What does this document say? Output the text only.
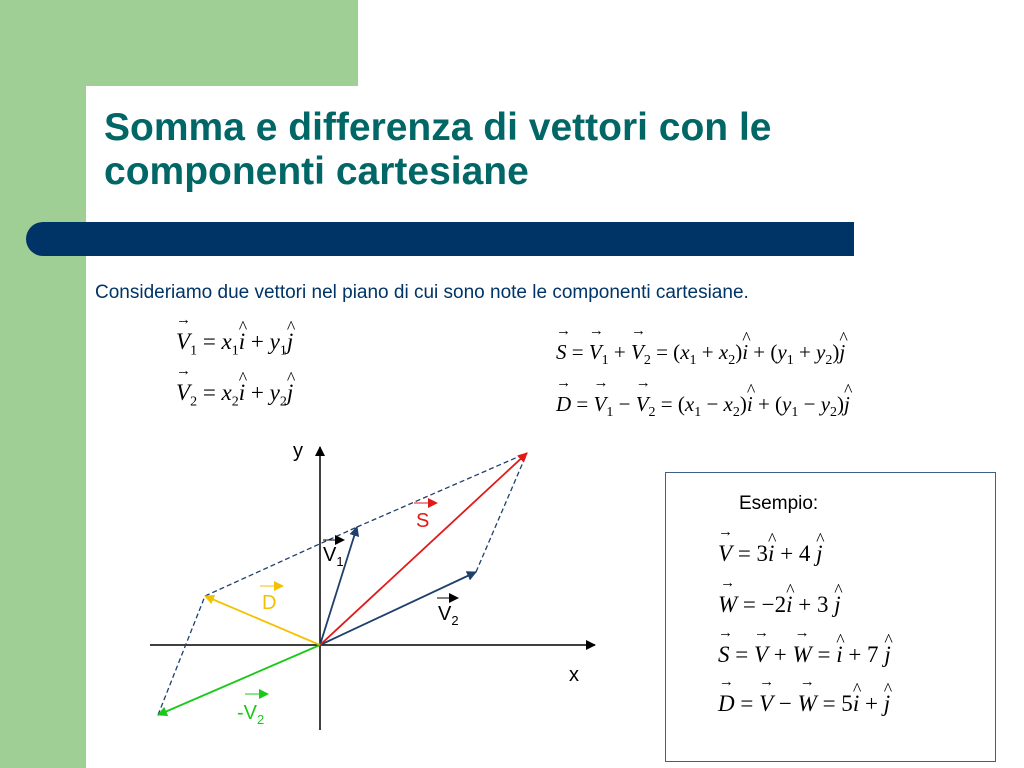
Somma e differenza di vettori con le componenti cartesiane

Consideriamo due vettori nel piano di cui sono note le componenti cartesiane.

→ $V_1$ = $x_1\^{}$ $i + y_1\^{}$ j
→ $V_2$ = $x_2\^{}$ $i + y_2\^{}$ j
→ S = → $V_1$ + → $V_2 = (x_1$ + $x_2)\^{}$ $i + (y_1$ + $y_2)\^{}$ j
→ D = → $V_1$ − → $V_2 = (x_1$ − $x_2)\^{}$ $i + (y_1$ − $y_2)\^{}$ j
y
x
$V_1$
$V_2$
S
D
$-V_2$

Esempio:

→ V = 3^ i + 4 ^ j
→ W = −2^ i + 3 ^ j
→ S = → V + → W = ^ i + 7 ^ j
→ D = → V − → W = 5^ i + ^ j
